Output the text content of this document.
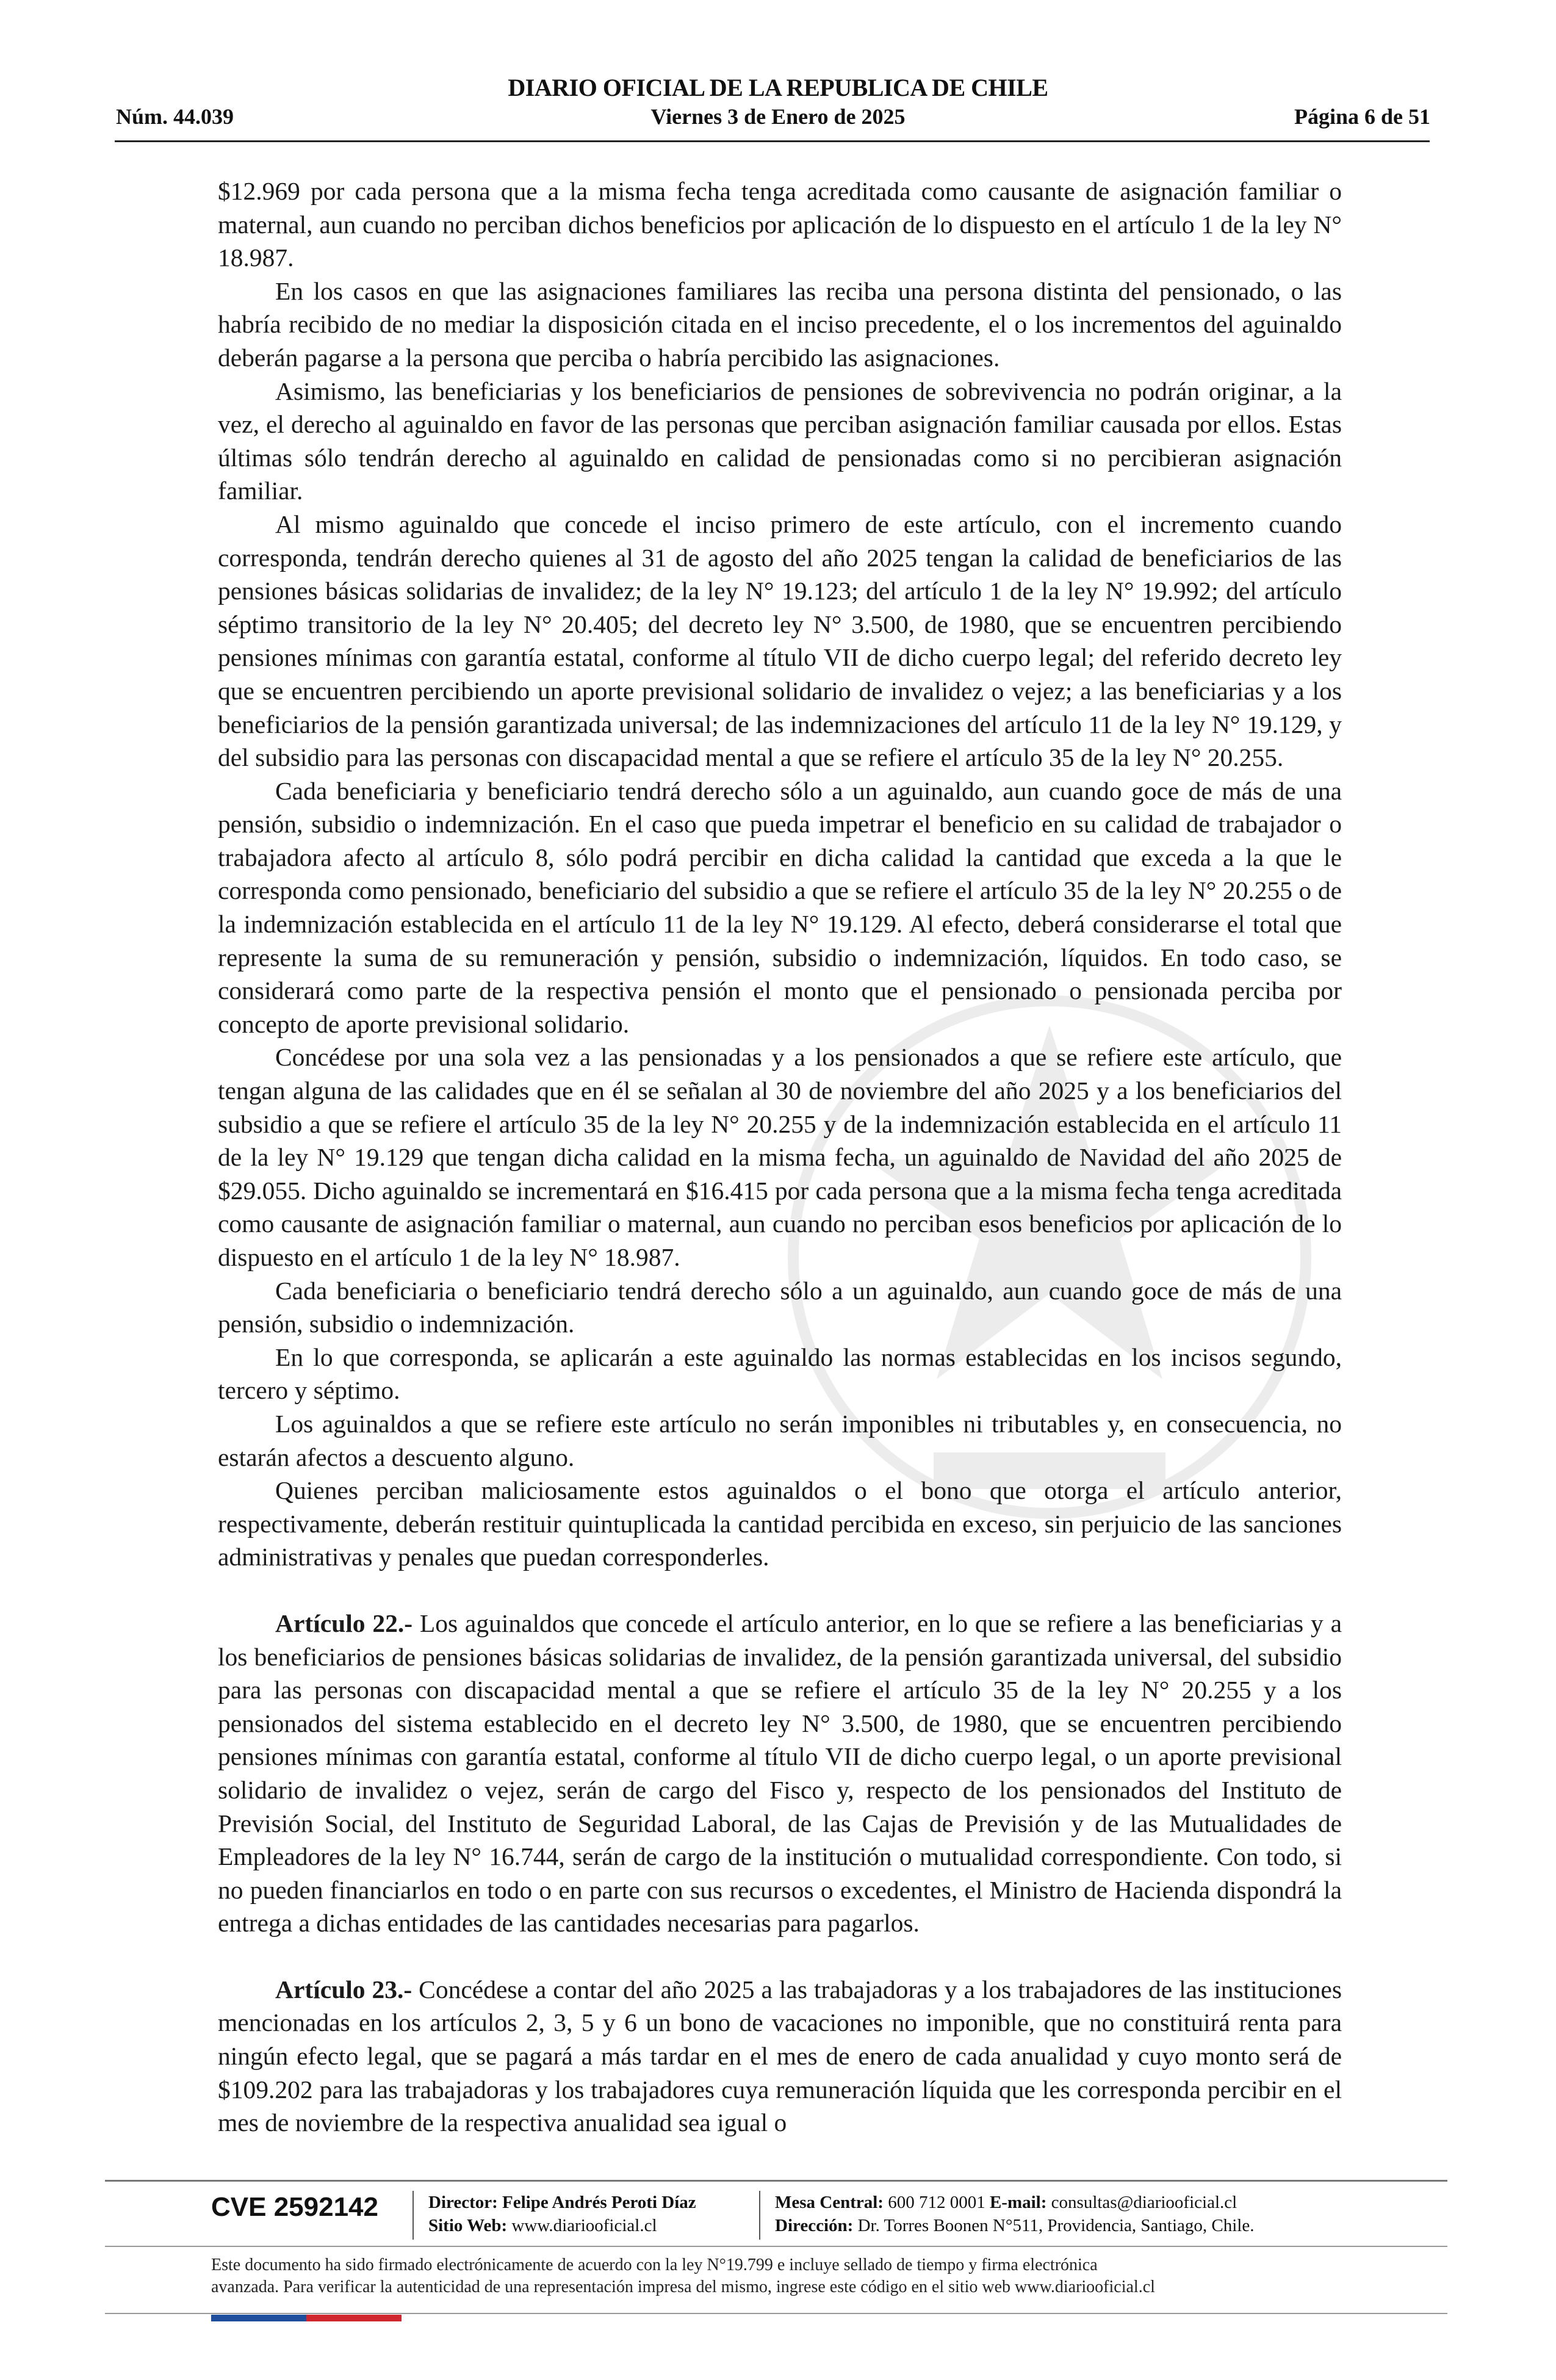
DIARIO OFICIAL DE LA REPUBLICA DE CHILE
Núm. 44.039	Viernes 3 de Enero de 2025	Página 6 de 51

$12.969 por cada persona que a la misma fecha tenga acreditada como causante de asignación familiar o maternal, aun cuando no perciban dichos beneficios por aplicación de lo dispuesto en el artículo 1 de la ley N° 18.987.

En los casos en que las asignaciones familiares las reciba una persona distinta del pensionado, o las habría recibido de no mediar la disposición citada en el inciso precedente, el o los incrementos del aguinaldo deberán pagarse a la persona que perciba o habría percibido las asignaciones.

Asimismo, las beneficiarias y los beneficiarios de pensiones de sobrevivencia no podrán originar, a la vez, el derecho al aguinaldo en favor de las personas que perciban asignación familiar causada por ellos. Estas últimas sólo tendrán derecho al aguinaldo en calidad de pensionadas como si no percibieran asignación familiar.

Al mismo aguinaldo que concede el inciso primero de este artículo, con el incremento cuando corresponda, tendrán derecho quienes al 31 de agosto del año 2025 tengan la calidad de beneficiarios de las pensiones básicas solidarias de invalidez; de la ley N° 19.123; del artículo 1 de la ley N° 19.992; del artículo séptimo transitorio de la ley N° 20.405; del decreto ley N° 3.500, de 1980, que se encuentren percibiendo pensiones mínimas con garantía estatal, conforme al título VII de dicho cuerpo legal; del referido decreto ley que se encuentren percibiendo un aporte previsional solidario de invalidez o vejez; a las beneficiarias y a los beneficiarios de la pensión garantizada universal; de las indemnizaciones del artículo 11 de la ley N° 19.129, y del subsidio para las personas con discapacidad mental a que se refiere el artículo 35 de la ley N° 20.255.

Cada beneficiaria y beneficiario tendrá derecho sólo a un aguinaldo, aun cuando goce de más de una pensión, subsidio o indemnización. En el caso que pueda impetrar el beneficio en su calidad de trabajador o trabajadora afecto al artículo 8, sólo podrá percibir en dicha calidad la cantidad que exceda a la que le corresponda como pensionado, beneficiario del subsidio a que se refiere el artículo 35 de la ley N° 20.255 o de la indemnización establecida en el artículo 11 de la ley N° 19.129. Al efecto, deberá considerarse el total que represente la suma de su remuneración y pensión, subsidio o indemnización, líquidos. En todo caso, se considerará como parte de la respectiva pensión el monto que el pensionado o pensionada perciba por concepto de aporte previsional solidario.

Concédese por una sola vez a las pensionadas y a los pensionados a que se refiere este artículo, que tengan alguna de las calidades que en él se señalan al 30 de noviembre del año 2025 y a los beneficiarios del subsidio a que se refiere el artículo 35 de la ley N° 20.255 y de la indemnización establecida en el artículo 11 de la ley N° 19.129 que tengan dicha calidad en la misma fecha, un aguinaldo de Navidad del año 2025 de $29.055. Dicho aguinaldo se incrementará en $16.415 por cada persona que a la misma fecha tenga acreditada como causante de asignación familiar o maternal, aun cuando no perciban esos beneficios por aplicación de lo dispuesto en el artículo 1 de la ley N° 18.987.

Cada beneficiaria o beneficiario tendrá derecho sólo a un aguinaldo, aun cuando goce de más de una pensión, subsidio o indemnización.

En lo que corresponda, se aplicarán a este aguinaldo las normas establecidas en los incisos segundo, tercero y séptimo.

Los aguinaldos a que se refiere este artículo no serán imponibles ni tributables y, en consecuencia, no estarán afectos a descuento alguno.

Quienes perciban maliciosamente estos aguinaldos o el bono que otorga el artículo anterior, respectivamente, deberán restituir quintuplicada la cantidad percibida en exceso, sin perjuicio de las sanciones administrativas y penales que puedan corresponderles.

Artículo 22.- Los aguinaldos que concede el artículo anterior, en lo que se refiere a las beneficiarias y a los beneficiarios de pensiones básicas solidarias de invalidez, de la pensión garantizada universal, del subsidio para las personas con discapacidad mental a que se refiere el artículo 35 de la ley N° 20.255 y a los pensionados del sistema establecido en el decreto ley N° 3.500, de 1980, que se encuentren percibiendo pensiones mínimas con garantía estatal, conforme al título VII de dicho cuerpo legal, o un aporte previsional solidario de invalidez o vejez, serán de cargo del Fisco y, respecto de los pensionados del Instituto de Previsión Social, del Instituto de Seguridad Laboral, de las Cajas de Previsión y de las Mutualidades de Empleadores de la ley N° 16.744, serán de cargo de la institución o mutualidad correspondiente. Con todo, si no pueden financiarlos en todo o en parte con sus recursos o excedentes, el Ministro de Hacienda dispondrá la entrega a dichas entidades de las cantidades necesarias para pagarlos.

Artículo 23.- Concédese a contar del año 2025 a las trabajadoras y a los trabajadores de las instituciones mencionadas en los artículos 2, 3, 5 y 6 un bono de vacaciones no imponible, que no constituirá renta para ningún efecto legal, que se pagará a más tardar en el mes de enero de cada anualidad y cuyo monto será de $109.202 para las trabajadoras y los trabajadores cuya remuneración líquida que les corresponda percibir en el mes de noviembre de la respectiva anualidad sea igual o

CVE 2592142	Director: Felipe Andrés Peroti Díaz
Sitio Web: www.diariooficial.cl
Mesa Central: 600 712 0001 E-mail: consultas@diariooficial.cl
Dirección: Dr. Torres Boonen N°511, Providencia, Santiago, Chile.
Este documento ha sido firmado electrónicamente de acuerdo con la ley N°19.799 e incluye sellado de tiempo y firma electrónica
avanzada. Para verificar la autenticidad de una representación impresa del mismo, ingrese este código en el sitio web www.diariooficial.cl
